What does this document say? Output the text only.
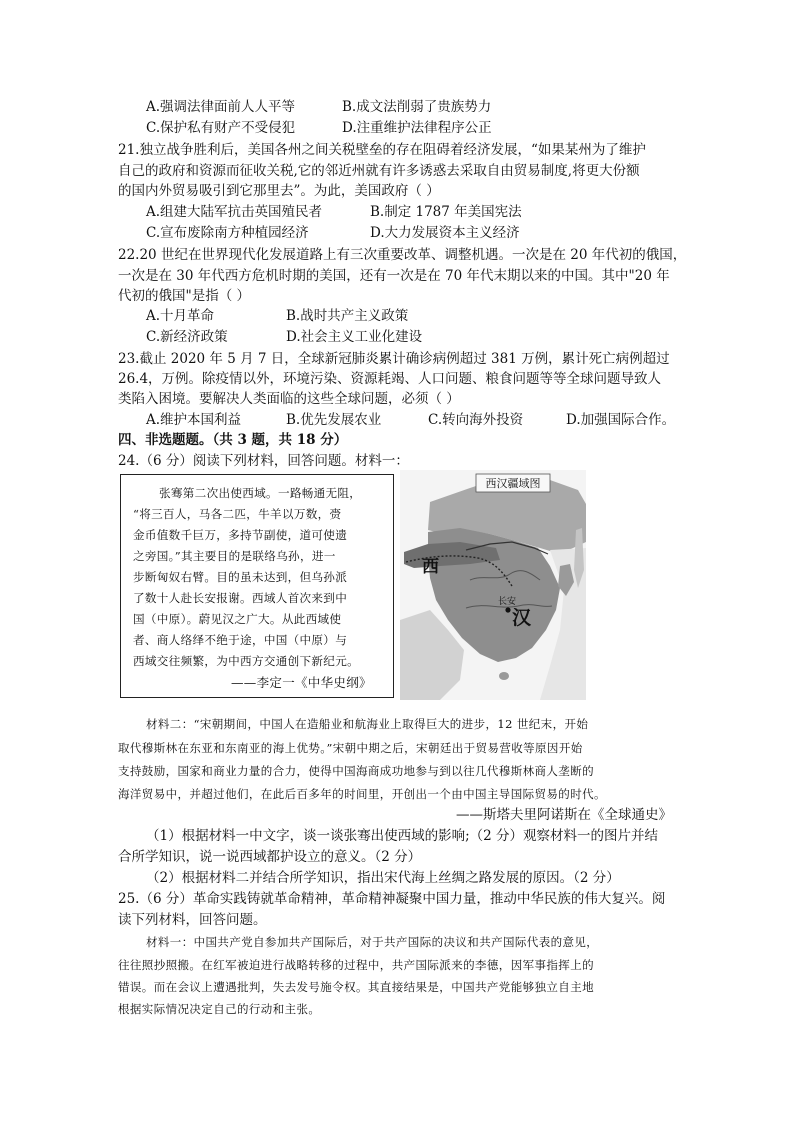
A.强调法律面前人人平等	B.成文法削弱了贵族势力
C.保护私有财产不受侵犯	D.注重维护法律程序公正
21.独立战争胜利后，美国各州之间关税壁垒的存在阻碍着经济发展，“如果某州为了维护
自己的政府和资源而征收关税,它的邻近州就有许多诱惑去采取自由贸易制度,将更大份额
的国内外贸易吸引到它那里去”。为此，美国政府（ ）
A.组建大陆军抗击英国殖民者	B.制定 1787 年美国宪法
C.宣布废除南方种植园经济	D.大力发展资本主义经济
22.20 世纪在世界现代化发展道路上有三次重要改革、调整机遇。一次是在 20 年代初的俄国，
一次是在 30 年代西方危机时期的美国，还有一次是在 70 年代末期以来的中国。其中"20 年
代初的俄国"是指（ ）
A.十月革命	B.战时共产主义政策
C.新经济政策	D.社会主义工业化建设
23.截止 2020 年 5 月 7 日，全球新冠肺炎累计确诊病例超过 381 万例，累计死亡病例超过
26.4，万例。除疫情以外，环境污染、资源耗竭、人口问题、粮食问题等等全球问题导致人
类陷入困境。要解决人类面临的这些全球问题，必须（ ）
A.维护本国利益	B.优先发展农业	C.转向海外投资	D.加强国际合作。
四、非选题题。（共 3 题，共 18 分）
24.（6 分）阅读下列材料，回答问题。材料一：
张骞第二次出使西域。一路畅通无阻，
“将三百人，马各二匹，牛羊以万数，赍
金币值数千巨万，多持节副使，道可使遗
之旁国。”其主要目的是联络乌孙，进一
步断匈奴右臂。目的虽未达到，但乌孙派
了数十人赴长安报谢。西域人首次来到中
国（中原）。蔚见汉之广大。从此西域使
者、商人络绎不绝于途，中国（中原）与
西域交往频繁，为中西方交通创下新纪元。
——李定一《中华史纲》
西汉疆域图
西
长安
汉
材料二：“宋朝期间，中国人在造船业和航海业上取得巨大的进步，12 世纪末，开始
取代穆斯林在东亚和东南亚的海上优势。”宋朝中期之后，宋朝廷出于贸易营收等原因开始
支持鼓励，国家和商业力量的合力，使得中国海商成功地参与到以往几代穆斯林商人垄断的
海洋贸易中，并超过他们，在此后百多年的时间里，开创出一个由中国主导国际贸易的时代。
——斯塔夫里阿诺斯在《全球通史》
（1）根据材料一中文字，谈一谈张骞出使西域的影响;（2 分）观察材料一的图片并结
合所学知识，说一说西域都护设立的意义。（2 分）
（2）根据材料二并结合所学知识，指出宋代海上丝绸之路发展的原因。（2 分）
25.（6 分）革命实践铸就革命精神，革命精神凝聚中国力量，推动中华民族的伟大复兴。阅
读下列材料，回答问题。
材料一：中国共产党自参加共产国际后，对于共产国际的决议和共产国际代表的意见，
往往照抄照搬。在红军被迫进行战略转移的过程中，共产国际派来的李德，因军事指挥上的
错误。而在会议上遭遇批判，失去发号施令权。其直接结果是，中国共产党能够独立自主地
根据实际情况决定自己的行动和主张。
